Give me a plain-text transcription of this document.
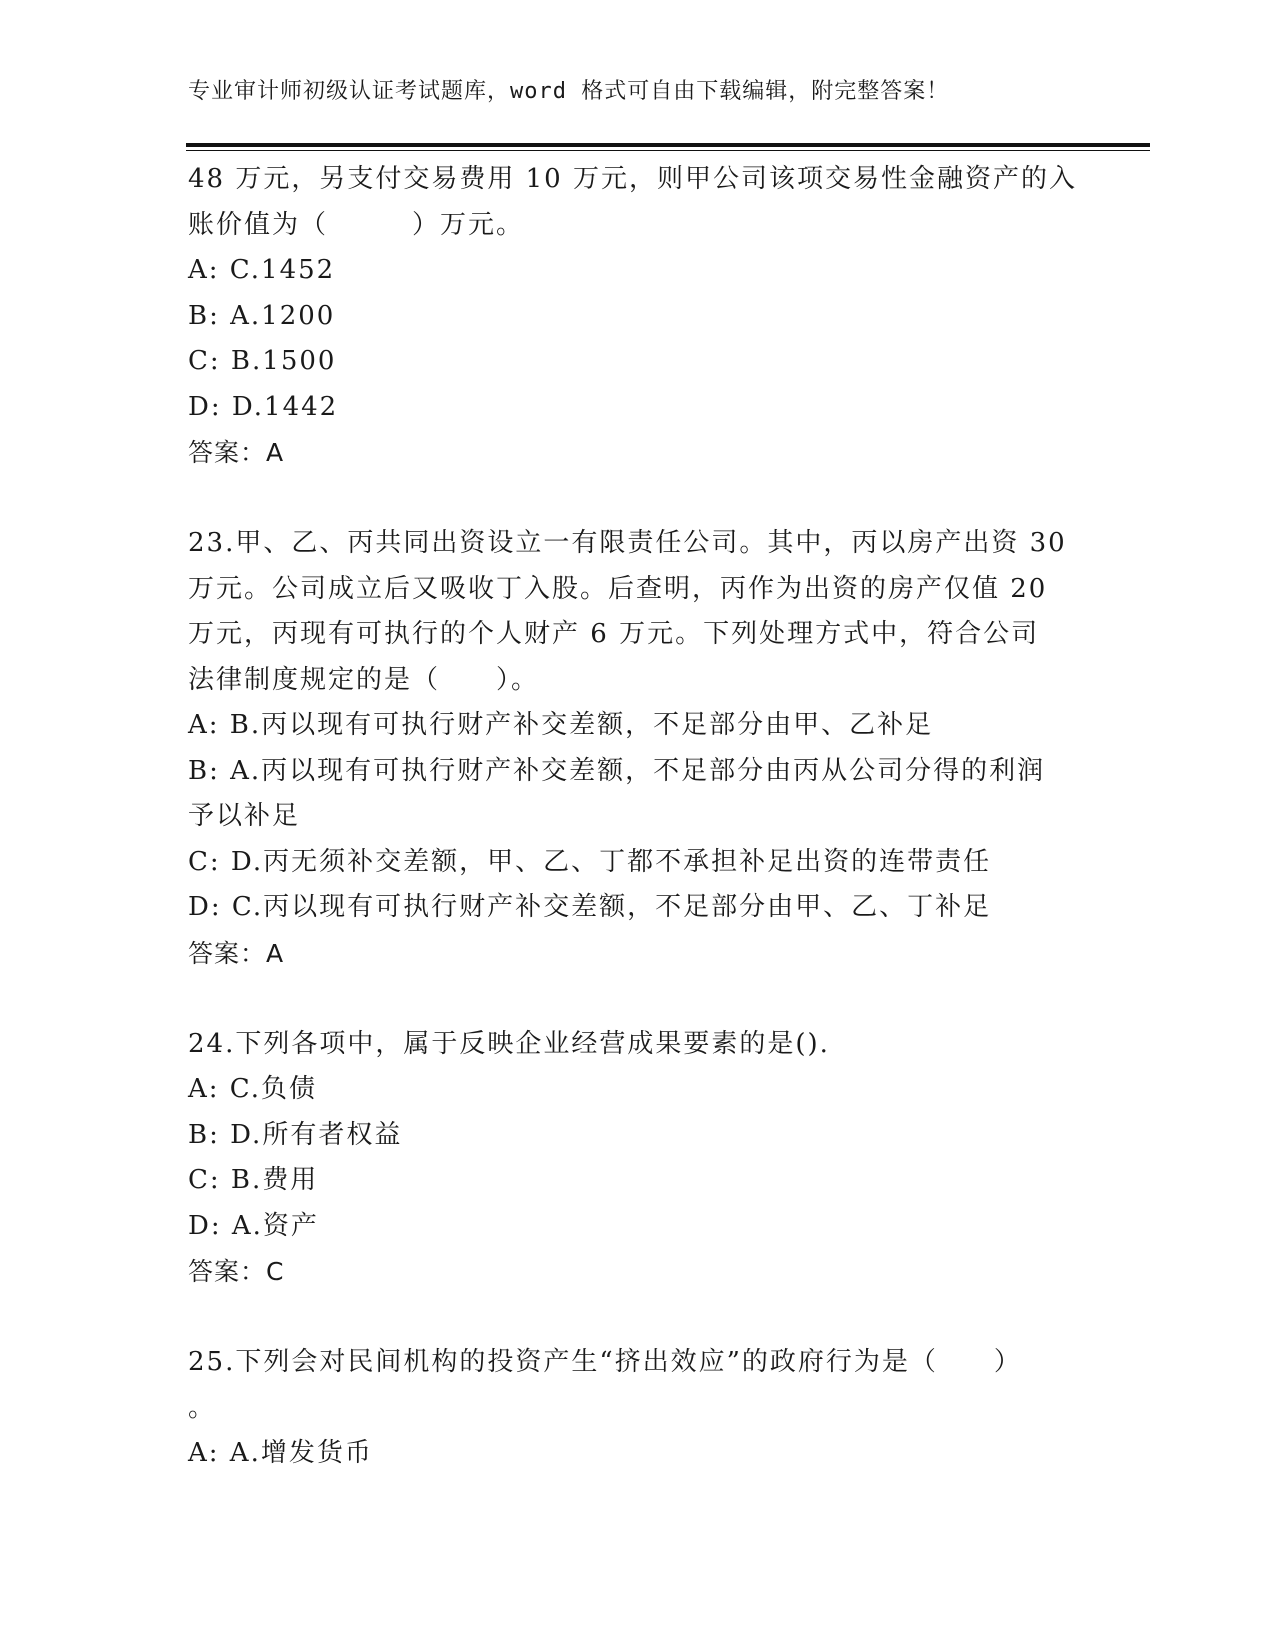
专业审计师初级认证考试题库，word 格式可自由下载编辑，附完整答案！
48 万元，另支付交易费用 10 万元，则甲公司该项交易性金融资产的入
账价值为（　　　）万元。
A: C.1452
B: A.1200
C: B.1500
D: D.1442
答案：A
23.甲、乙、丙共同出资设立一有限责任公司。其中，丙以房产出资 30
万元。公司成立后又吸收丁入股。后查明，丙作为出资的房产仅值 20
万元，丙现有可执行的个人财产 6 万元。下列处理方式中，符合公司
法律制度规定的是（　　）。
A: B.丙以现有可执行财产补交差额，不足部分由甲、乙补足
B: A.丙以现有可执行财产补交差额，不足部分由丙从公司分得的利润
予以补足
C: D.丙无须补交差额，甲、乙、丁都不承担补足出资的连带责任
D: C.丙以现有可执行财产补交差额，不足部分由甲、乙、丁补足
答案：A
24.下列各项中，属于反映企业经营成果要素的是().
A: C.负债
B: D.所有者权益
C: B.费用
D: A.资产
答案：C
25.下列会对民间机构的投资产生“挤出效应”的政府行为是（　　）
。
A: A.增发货币
